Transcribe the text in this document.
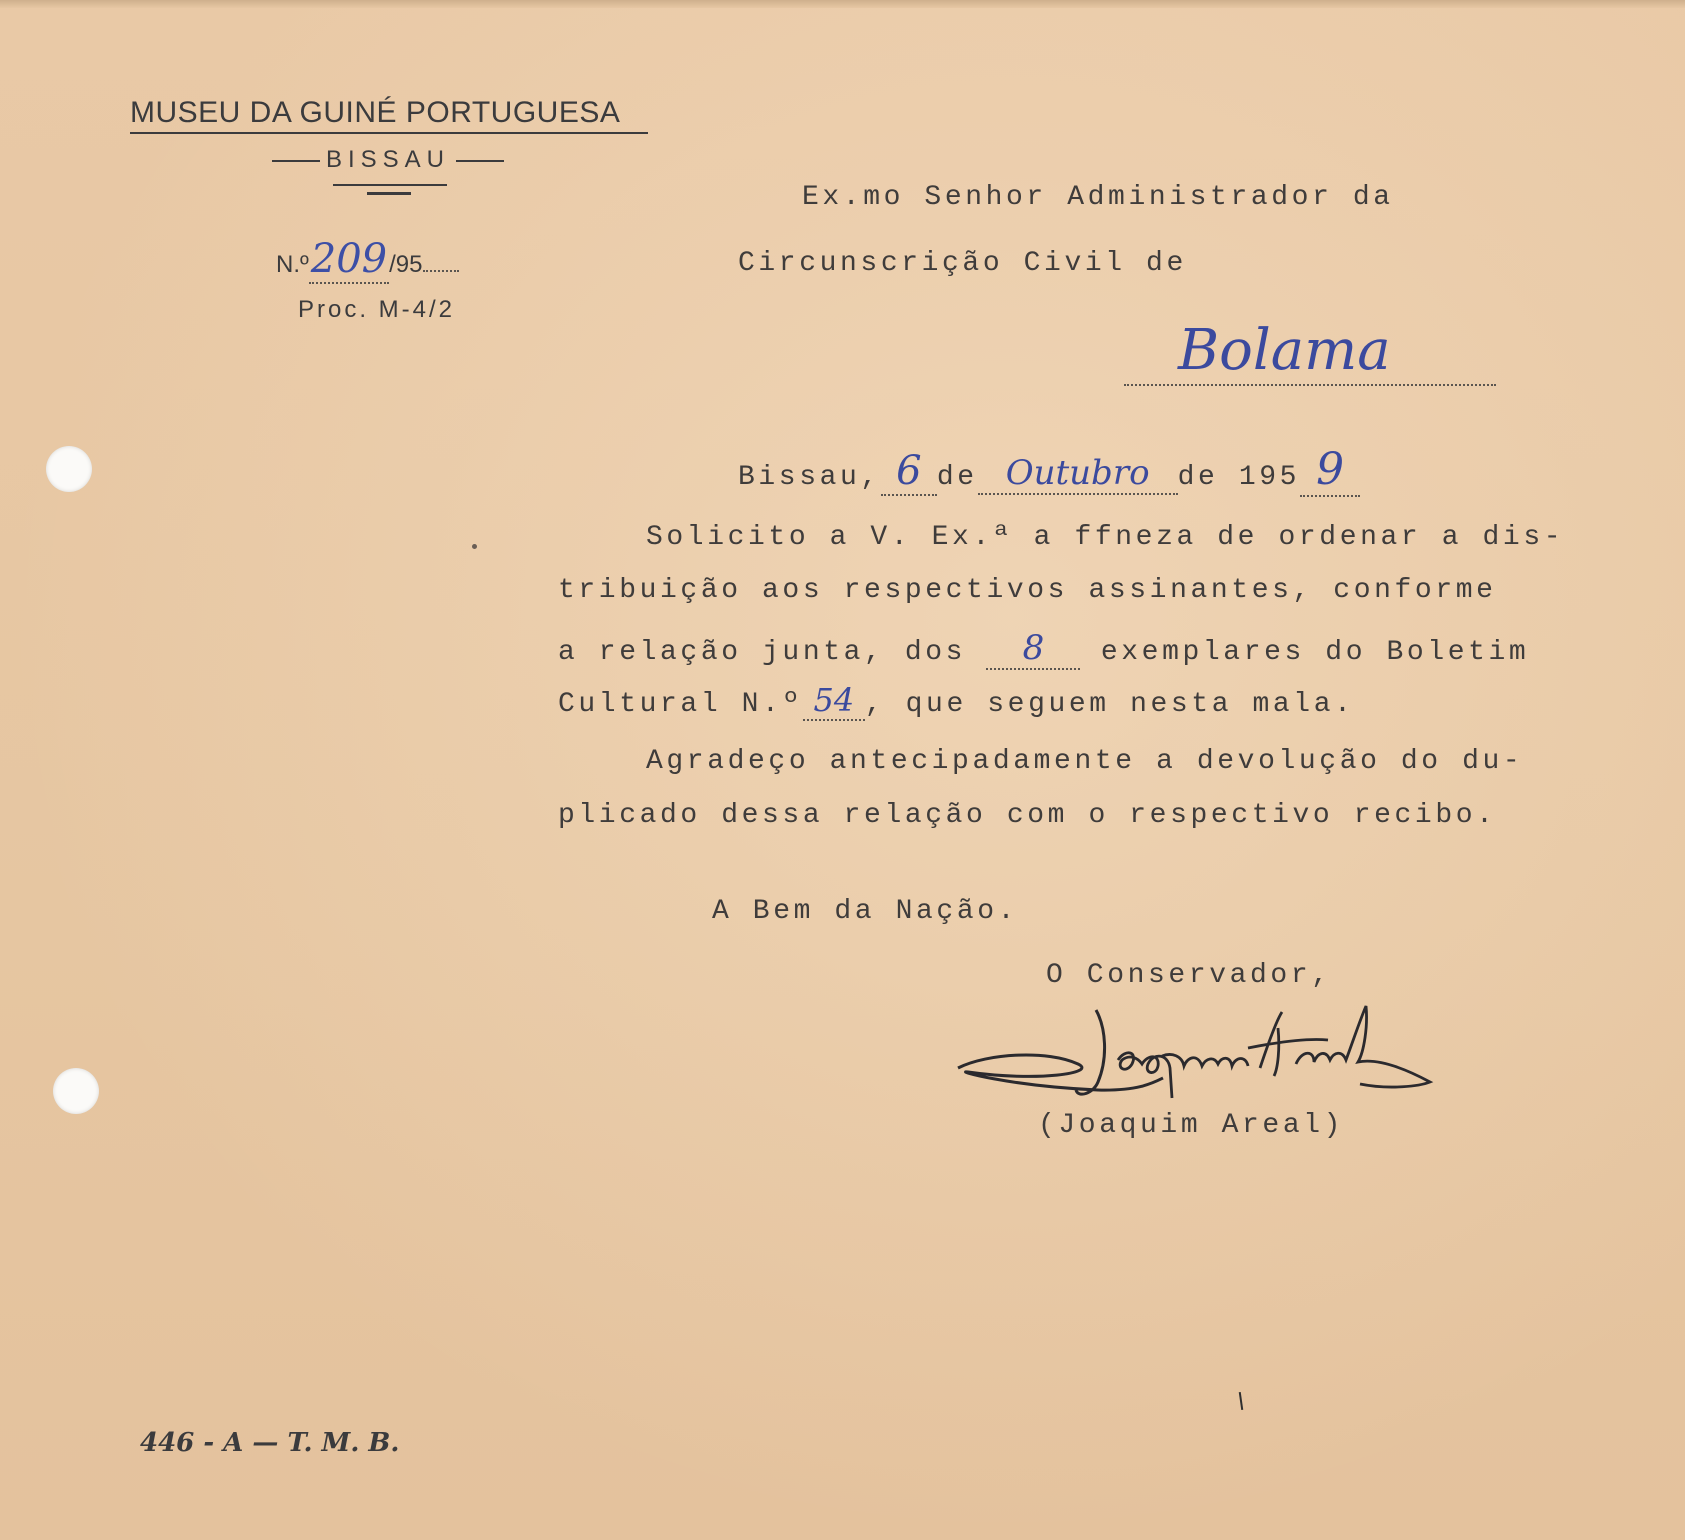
MUSEU DA GUINÉ PORTUGUESA
BISSAU
N.º209/95
Proc. M-4/2
Ex.mo Senhor Administrador da
Circunscrição Civil de
Bolama
Bissau, 6 de Outubro de 195 9
Solicito a V. Ex.ª a ffneza de ordenar a dis-
tribuição aos respectivos assinantes, conforme
a relação junta, dos 8 exemplares do Boletim
Cultural N.º 54 , que seguem nesta mala.
Agradeço antecipadamente a devolução do du-
plicado dessa relação com o respectivo recibo.
A Bem da Nação.
O Conservador,
(Joaquim Areal)
446 - A — T. M. B.
